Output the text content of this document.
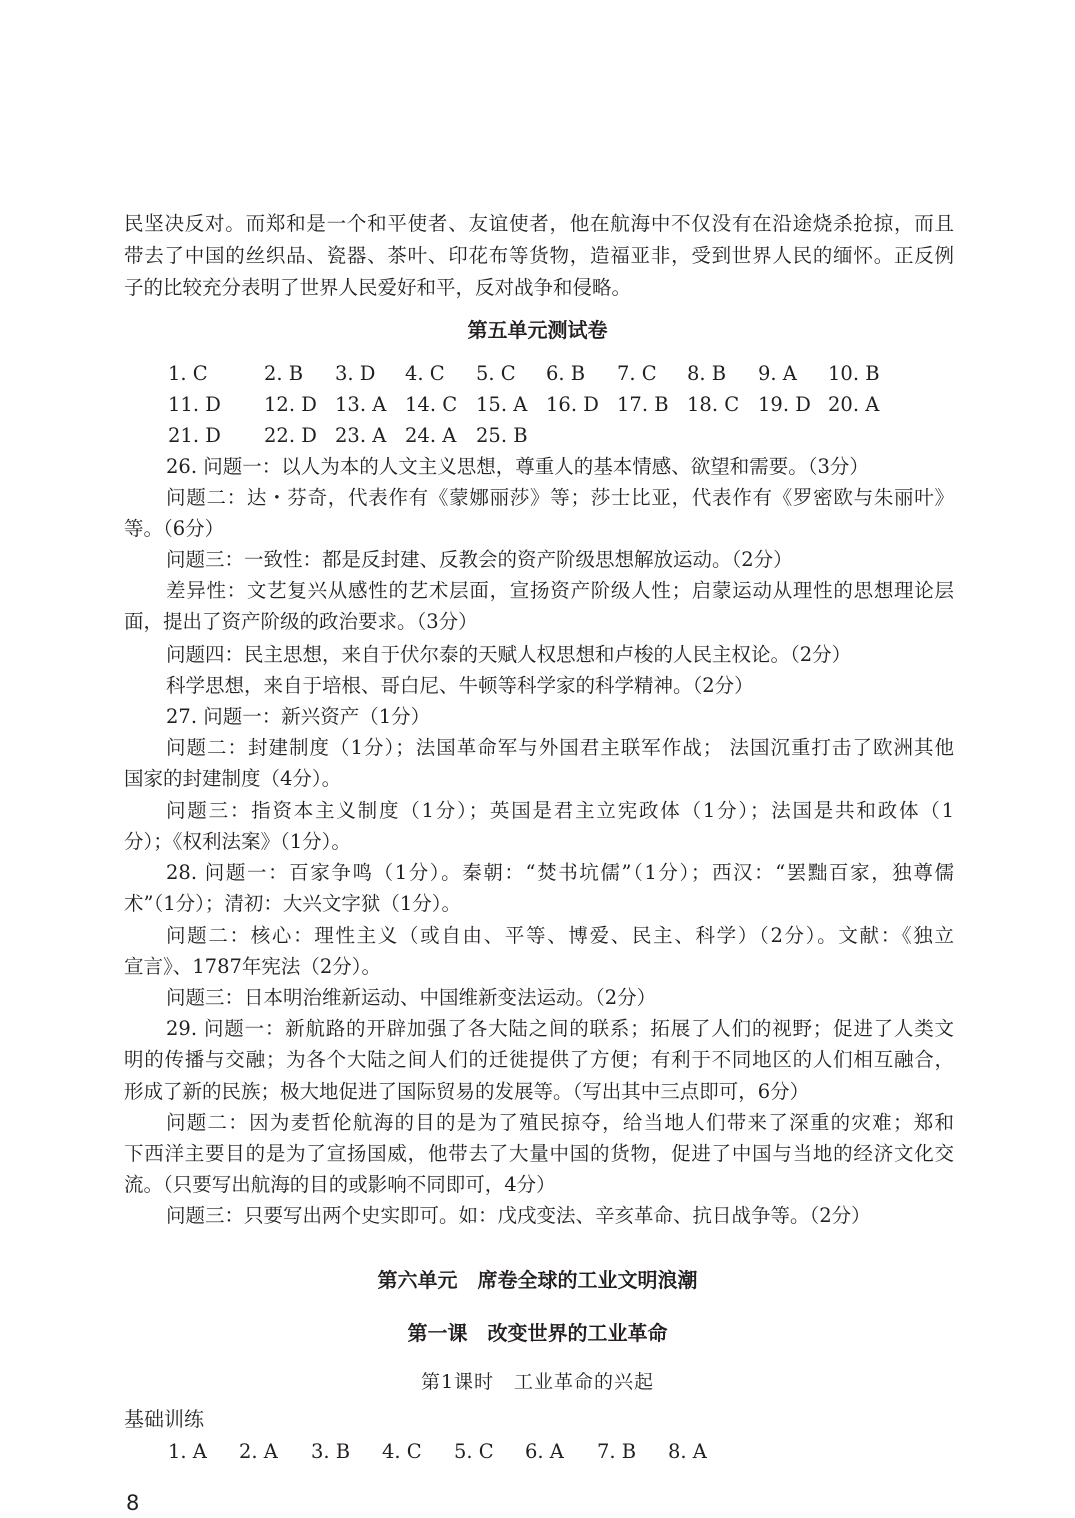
民坚决反对。而郑和是一个和平使者、友谊使者，他在航海中不仅没有在沿途烧杀抢掠，而且
带去了中国的丝织品、瓷器、茶叶、印花布等货物，造福亚非，受到世界人民的缅怀。正反例
子的比较充分表明了世界人民爱好和平，反对战争和侵略。
第五单元测试卷
1. C	2. B 3. D 4. C 5. C 6. B 7. C 8. B 9. A 10. B
11. D 12. D 13. A 14. C 15. A 16. D 17. B 18. C 19. D 20. A
21. D 22. D 23. A 24. A 25. B
26. 问题一：以人为本的人文主义思想，尊重人的基本情感、欲望和需要。（3分）
问题二：达・芬奇，代表作有《蒙娜丽莎》等；莎士比亚，代表作有《罗密欧与朱丽叶》
等。（6分）
问题三：一致性：都是反封建、反教会的资产阶级思想解放运动。（2分）
差异性：文艺复兴从感性的艺术层面，宣扬资产阶级人性；启蒙运动从理性的思想理论层
面，提出了资产阶级的政治要求。（3分）
问题四：民主思想，来自于伏尔泰的天赋人权思想和卢梭的人民主权论。（2分）
科学思想，来自于培根、哥白尼、牛顿等科学家的科学精神。（2分）
27. 问题一：新兴资产（1分）
问题二：封建制度（1分）；法国革命军与外国君主联军作战； 法国沉重打击了欧洲其他
国家的封建制度（4分）。
问题三：指资本主义制度（1分）；英国是君主立宪政体（1分）；法国是共和政体（1
分）；《权利法案》（1分）。
28. 问题一：百家争鸣（1分）。秦朝：“焚书坑儒”（1分）；西汉：“罢黜百家，独尊儒
术”（1分）；清初：大兴文字狱（1分）。
问题二：核心：理性主义（或自由、平等、博爱、民主、科学）（2分）。文献：《独立
宣言》、1787年宪法（2分）。
问题三：日本明治维新运动、中国维新变法运动。（2分）
29. 问题一：新航路的开辟加强了各大陆之间的联系；拓展了人们的视野；促进了人类文
明的传播与交融；为各个大陆之间人们的迁徙提供了方便；有利于不同地区的人们相互融合，
形成了新的民族；极大地促进了国际贸易的发展等。（写出其中三点即可，6分）
问题二：因为麦哲伦航海的目的是为了殖民掠夺，给当地人们带来了深重的灾难；郑和
下西洋主要目的是为了宣扬国威，他带去了大量中国的货物，促进了中国与当地的经济文化交
流。（只要写出航海的目的或影响不同即可，4分）
问题三：只要写出两个史实即可。如：戊戌变法、辛亥革命、抗日战争等。（2分）
第六单元　席卷全球的工业文明浪潮
第一课　改变世界的工业革命
第1课时　工业革命的兴起
基础训练
1. A 2. A 3. B 4. C 5. C 6. A 7. B 8. A
8
